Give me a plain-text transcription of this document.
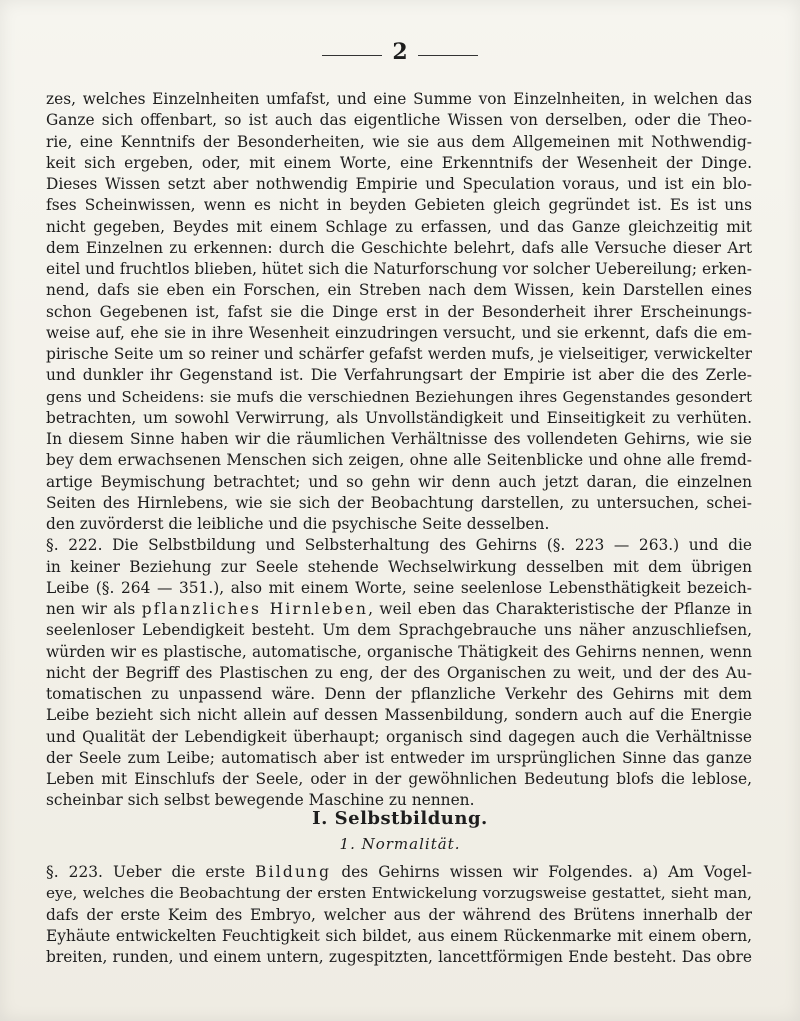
2
zes, welches Einzelnheiten umfafst, und eine Summe von Einzelnheiten, in welchen das
Ganze sich offenbart, so ist auch das eigentliche Wissen von derselben, oder die Theo-
rie, eine Kenntnifs der Besonderheiten, wie sie aus dem Allgemeinen mit Nothwendig-
keit sich ergeben, oder, mit einem Worte, eine Erkenntnifs der Wesenheit der Dinge.
Dieses Wissen setzt aber nothwendig Empirie und Speculation voraus, und ist ein blo-
fses Scheinwissen, wenn es nicht in beyden Gebieten gleich gegründet ist. Es ist uns
nicht gegeben, Beydes mit einem Schlage zu erfassen, und das Ganze gleichzeitig mit
dem Einzelnen zu erkennen: durch die Geschichte belehrt, dafs alle Versuche dieser Art
eitel und fruchtlos blieben, hütet sich die Naturforschung vor solcher Uebereilung; erken-
nend, dafs sie eben ein Forschen, ein Streben nach dem Wissen, kein Darstellen eines
schon Gegebenen ist, fafst sie die Dinge erst in der Besonderheit ihrer Erscheinungs-
weise auf, ehe sie in ihre Wesenheit einzudringen versucht, und sie erkennt, dafs die em-
pirische Seite um so reiner und schärfer gefafst werden mufs, je vielseitiger, verwickelter
und dunkler ihr Gegenstand ist. Die Verfahrungsart der Empirie ist aber die des Zerle-
gens und Scheidens: sie mufs die verschiednen Beziehungen ihres Gegenstandes gesondert
betrachten, um sowohl Verwirrung, als Unvollständigkeit und Einseitigkeit zu verhüten.
In diesem Sinne haben wir die räumlichen Verhältnisse des vollendeten Gehirns, wie sie
bey dem erwachsenen Menschen sich zeigen, ohne alle Seitenblicke und ohne alle fremd-
artige Beymischung betrachtet; und so gehn wir denn auch jetzt daran, die einzelnen
Seiten des Hirnlebens, wie sie sich der Beobachtung darstellen, zu untersuchen, schei-
den zuvörderst die leibliche und die psychische Seite desselben.
§. 222. Die Selbstbildung und Selbsterhaltung des Gehirns (§. 223 — 263.) und die
in keiner Beziehung zur Seele stehende Wechselwirkung desselben mit dem übrigen
Leibe (§. 264 — 351.), also mit einem Worte, seine seelenlose Lebensthätigkeit bezeich-
nen wir als pflanzliches Hirnleben, weil eben das Charakteristische der Pflanze in
seelenloser Lebendigkeit besteht. Um dem Sprachgebrauche uns näher anzuschliefsen,
würden wir es plastische, automatische, organische Thätigkeit des Gehirns nennen, wenn
nicht der Begriff des Plastischen zu eng, der des Organischen zu weit, und der des Au-
tomatischen zu unpassend wäre. Denn der pflanzliche Verkehr des Gehirns mit dem
Leibe bezieht sich nicht allein auf dessen Massenbildung, sondern auch auf die Energie
und Qualität der Lebendigkeit überhaupt; organisch sind dagegen auch die Verhältnisse
der Seele zum Leibe; automatisch aber ist entweder im ursprünglichen Sinne das ganze
Leben mit Einschlufs der Seele, oder in der gewöhnlichen Bedeutung blofs die leblose,
scheinbar sich selbst bewegende Maschine zu nennen.
I. Selbstbildung.
1. Normalität.
§. 223. Ueber die erste Bildung des Gehirns wissen wir Folgendes. a) Am Vogel-
eye, welches die Beobachtung der ersten Entwickelung vorzugsweise gestattet, sieht man,
dafs der erste Keim des Embryo, welcher aus der während des Brütens innerhalb der
Eyhäute entwickelten Feuchtigkeit sich bildet, aus einem Rückenmarke mit einem obern,
breiten, runden, und einem untern, zugespitzten, lancettförmigen Ende besteht. Das obre
